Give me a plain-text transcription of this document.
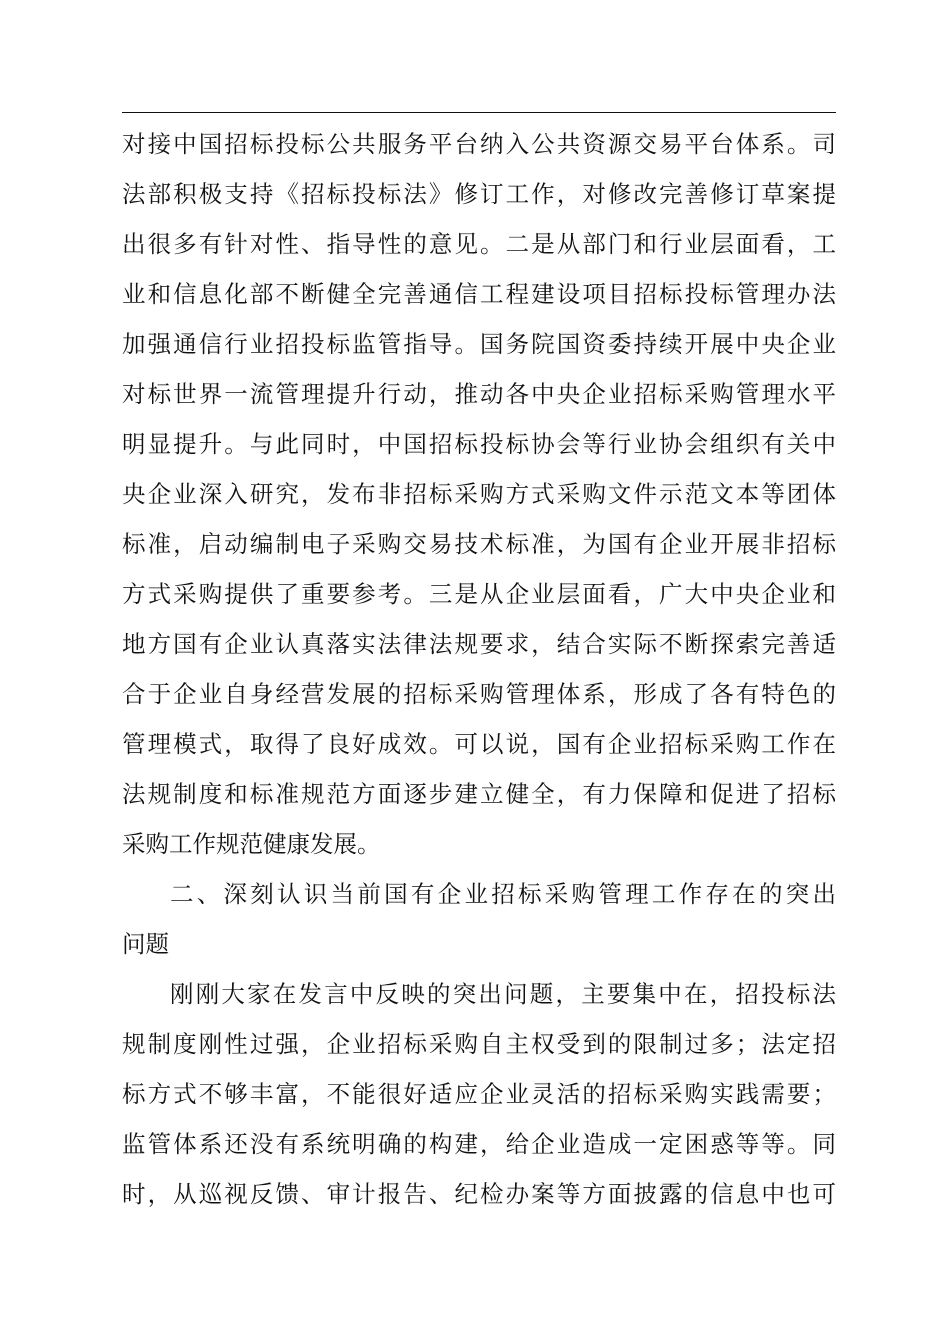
对接中国招标投标公共服务平台纳入公共资源交易平台体系。司
法部积极支持《招标投标法》修订工作，对修改完善修订草案提
出很多有针对性、指导性的意见。二是从部门和行业层面看，工
业和信息化部不断健全完善通信工程建设项目招标投标管理办法
加强通信行业招投标监管指导。国务院国资委持续开展中央企业
对标世界一流管理提升行动，推动各中央企业招标采购管理水平
明显提升。与此同时，中国招标投标协会等行业协会组织有关中
央企业深入研究，发布非招标采购方式采购文件示范文本等团体
标准，启动编制电子采购交易技术标准，为国有企业开展非招标
方式采购提供了重要参考。三是从企业层面看，广大中央企业和
地方国有企业认真落实法律法规要求，结合实际不断探索完善适
合于企业自身经营发展的招标采购管理体系，形成了各有特色的
管理模式，取得了良好成效。可以说，国有企业招标采购工作在
法规制度和标准规范方面逐步建立健全，有力保障和促进了招标
采购工作规范健康发展。
二、深刻认识当前国有企业招标采购管理工作存在的突出
问题
刚刚大家在发言中反映的突出问题，主要集中在，招投标法
规制度刚性过强，企业招标采购自主权受到的限制过多；法定招
标方式不够丰富，不能很好适应企业灵活的招标采购实践需要；
监管体系还没有系统明确的构建，给企业造成一定困惑等等。同
时，从巡视反馈、审计报告、纪检办案等方面披露的信息中也可
